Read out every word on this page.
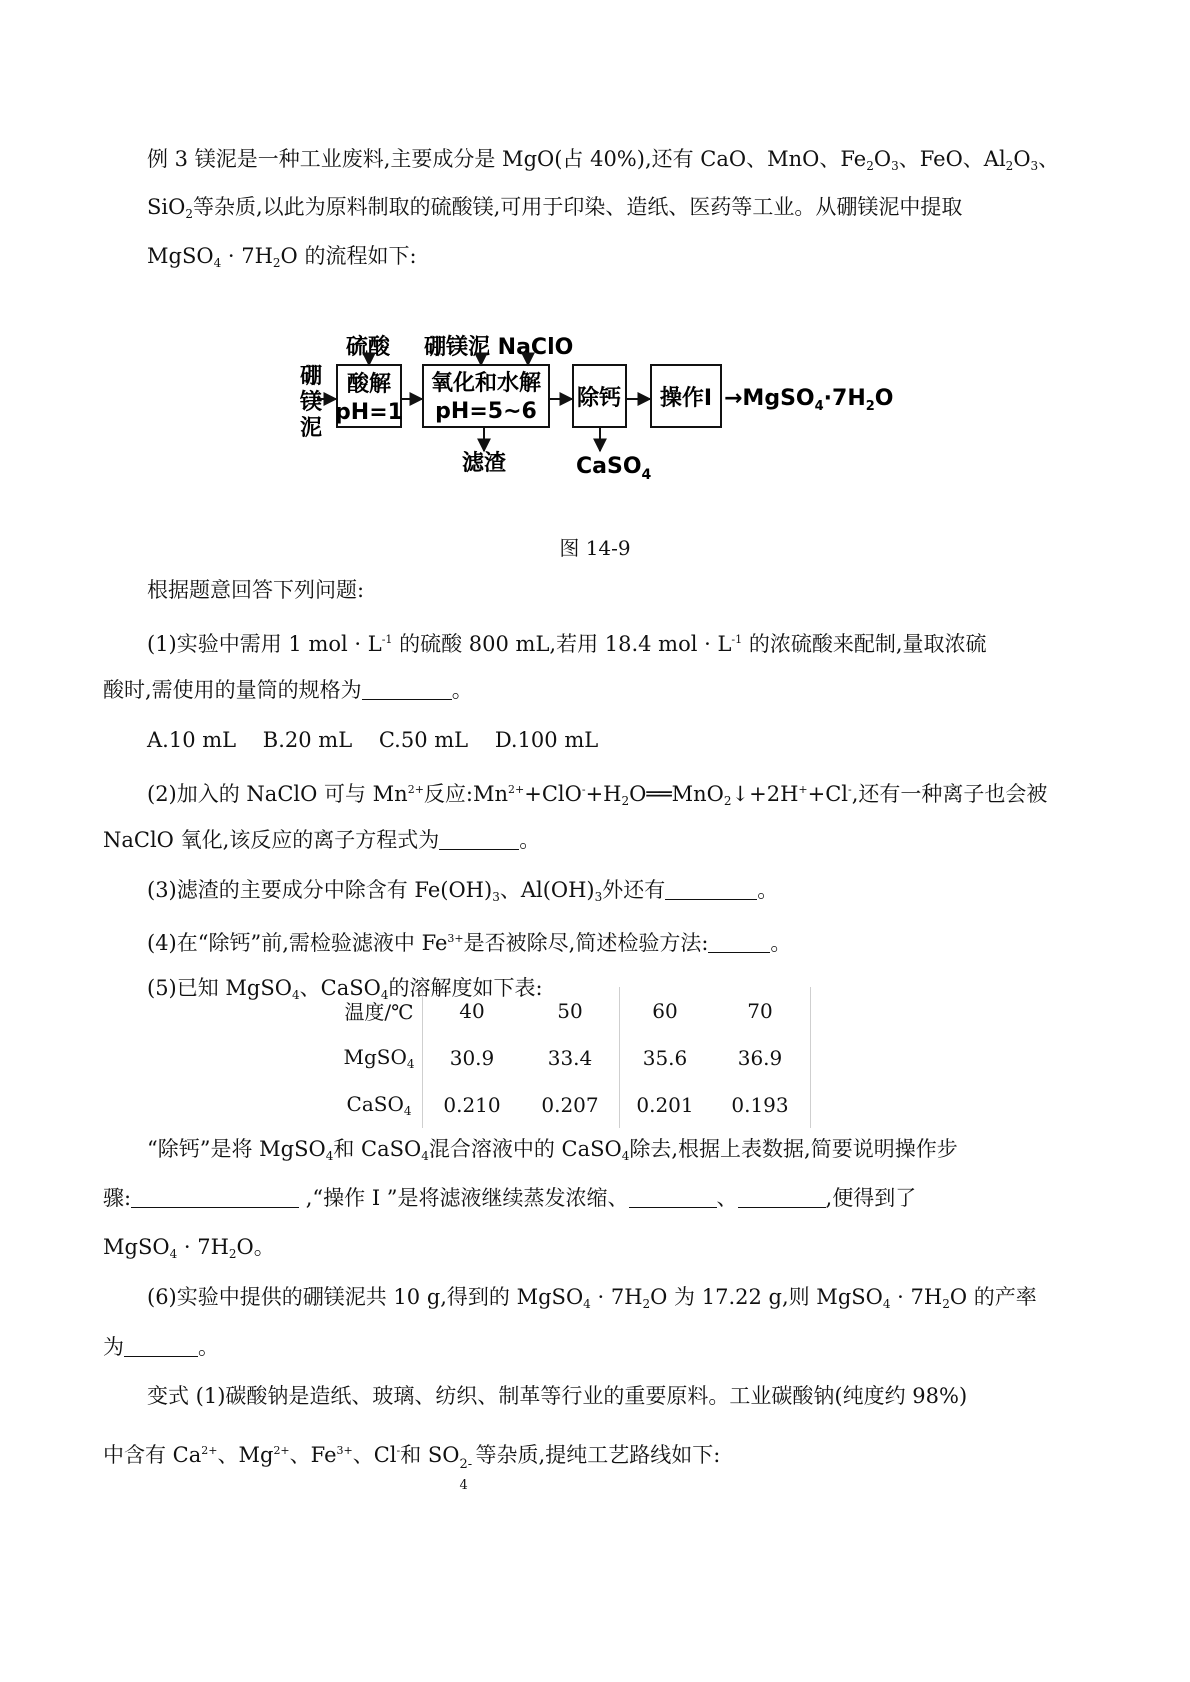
例 3 镁泥是一种工业废料,主要成分是 MgO(占 40%),还有 CaO、MnO、$Fe_2O_3$、FeO、$Al_2O_3$、
SiO$_2$等杂质,以此为原料制取的硫酸镁,可用于印染、造纸、医药等工业。从硼镁泥中提取
MgSO$_4$ · $7H_2O$ 的流程如下:
硼
镁
泥
硫酸
酸解
pH=1
硼镁泥 NaClO
氧化和水解
pH=5~6
滤渣
除钙
CaSO$_4$
操作$I \to MgSO_4\cdot 7H_2O$
图 14-9
根据题意回答下列问题:
(1)实验中需用 1 mol · $L^{-1}$ 的硫酸 800 mL,若用 18.4 mol · $L^{-1}$ 的浓硫酸来配制,量取浓硫
酸时,需使用的量筒的规格为	。
A.10 mL    B.20 mL    C.50 mL    D.100 mL
(2)加入的 NaClO 可与 $Mn^{2+}$反应$:Mn^{2+}+ClO^-+H_2O══MnO_2↓+2H^++Cl^-$,还有一种离子也会被
NaClO 氧化,该反应的离子方程式为	。
(3)滤渣的主要成分中除含有 $Fe(OH)_3$、$Al(OH)_3$外还有	。
(4)在“除钙”前,需检验滤液中 $Fe^{3+}$是否被除尽,简述检验方法:	。
(5)已知 MgSO$_4$、CaSO$_4$的溶解度如下表:
温度/℃	40	50	60	70
MgSO$_4$	30.9	33.4	35.6	36.9
CaSO$_4$	0.210	0.207	0.201	0.193
“除钙”是将 MgSO$_4$和 CaSO$_4$混合溶液中的 CaSO$_4$除去,根据上表数据,简要说明操作步
骤:	,“操作 I ”是将滤液继续蒸发浓缩、	、	,便得到了
MgSO$_4$ · $7H_2O$。
(6)实验中提供的硼镁泥共 10 g,得到的 MgSO$_4$ · $7H_2O$ 为 17.22 g,则 MgSO$_4$ · $7H_2O$ 的产率
为	。
变式 (1)碳酸钠是造纸、玻璃、纺织、制革等行业的重要原料。工业碳酸钠(纯度约 98%)
中含有 $Ca^{2+}$、$Mg^{2+}$、$Fe^{3+}$、Cl-和 SO 2-
4
等杂质,提纯工艺路线如下:
